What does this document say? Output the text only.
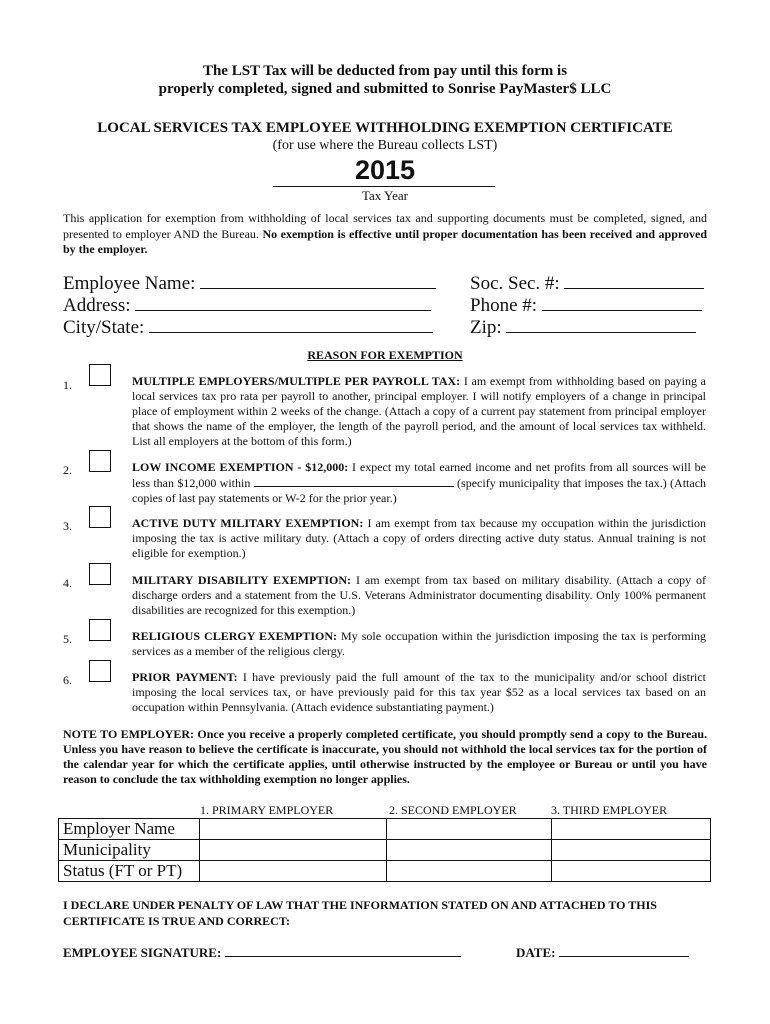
The LST Tax will be deducted from pay until this form is
properly completed, signed and submitted to Sonrise PayMaster$ LLC
LOCAL SERVICES TAX EMPLOYEE WITHHOLDING EXEMPTION CERTIFICATE
(for use where the Bureau collects LST)
2015
Tax Year
This application for exemption from withholding of local services tax and supporting documents must be completed, signed, and presented to employer AND the Bureau. No exemption is effective until proper documentation has been received and approved by the employer.
Employee Name:
Address:
City/State:
Soc. Sec. #:
Phone #:
Zip:
REASON FOR EXEMPTION
1.	MULTIPLE EMPLOYERS/MULTIPLE PER PAYROLL TAX: I am exempt from withholding based on paying a local services tax pro rata per payroll to another, principal employer. I will notify employers of a change in principal place of employment within 2 weeks of the change. (Attach a copy of a current pay statement from principal employer that shows the name of the employer, the length of the payroll period, and the amount of local services tax withheld. List all employers at the bottom of this form.)
2.	LOW INCOME EXEMPTION - $12,000: I expect my total earned income and net profits from all sources will be less than $12,000 within	(specify municipality that imposes the tax.) (Attach copies of last pay statements or W-2 for the prior year.)
3.	ACTIVE DUTY MILITARY EXEMPTION: I am exempt from tax because my occupation within the jurisdiction imposing the tax is active military duty. (Attach a copy of orders directing active duty status. Annual training is not eligible for exemption.)
4.	MILITARY DISABILITY EXEMPTION: I am exempt from tax based on military disability. (Attach a copy of discharge orders and a statement from the U.S. Veterans Administrator documenting disability. Only 100% permanent disabilities are recognized for this exemption.)
5.	RELIGIOUS CLERGY EXEMPTION: My sole occupation within the jurisdiction imposing the tax is performing services as a member of the religious clergy.
6.	PRIOR PAYMENT: I have previously paid the full amount of the tax to the municipality and/or school district imposing the local services tax, or have previously paid for this tax year $52 as a local services tax based on an occupation within Pennsylvania. (Attach evidence substantiating payment.)
NOTE TO EMPLOYER: Once you receive a properly completed certificate, you should promptly send a copy to the Bureau. Unless you have reason to believe the certificate is inaccurate, you should not withhold the local services tax for the portion of the calendar year for which the certificate applies, until otherwise instructed by the employee or Bureau or until you have reason to conclude the tax withholding exemption no longer applies.
1. PRIMARY EMPLOYER	2. SECOND EMPLOYER	3. THIRD EMPLOYER
Employer Name			
Municipality			
Status (FT or PT)			
I DECLARE UNDER PENALTY OF LAW THAT THE INFORMATION STATED ON AND ATTACHED TO THIS CERTIFICATE IS TRUE AND CORRECT:
EMPLOYEE SIGNATURE:	DATE:
